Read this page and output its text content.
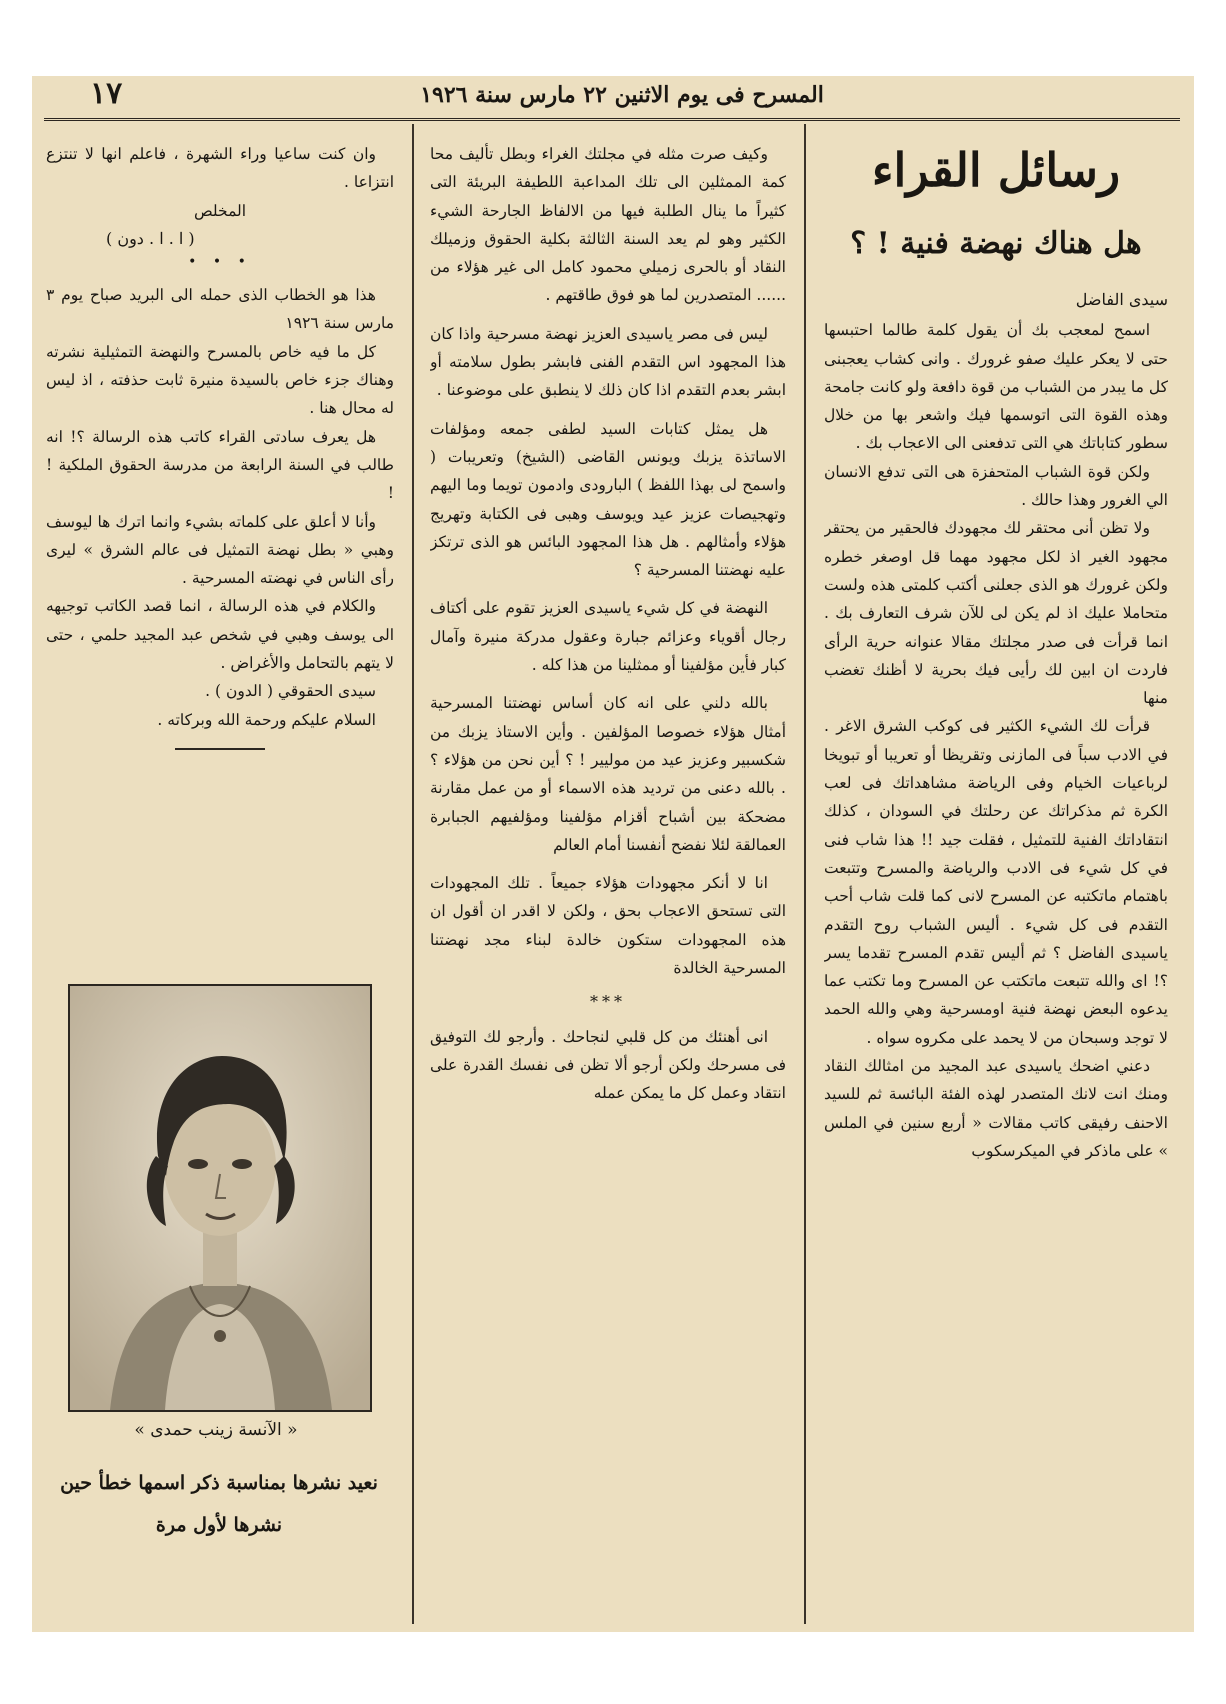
١٧	المسرح فى يوم الاثنين ٢٢ مارس سنة ١٩٢٦
رسائل القراء
هل هناك نهضة فنية ! ؟

سيدى الفاضل

اسمح لمعجب بك أن يقول كلمة طالما احتبسها حتى لا يعكر عليك صفو غرورك . وانى كشاب يعجبنى كل ما يبدر من الشباب من قوة دافعة ولو كانت جامحة وهذه القوة التى اتوسمها فيك واشعر بها من خلال سطور كتاباتك هي التى تدفعنى الى الاعجاب بك .

ولكن قوة الشباب المتحفزة هى التى تدفع الانسان الي الغرور وهذا حالك .

ولا تظن أنى محتقر لك مجهودك فالحقير من يحتقر مجهود الغير اذ لكل مجهود مهما قل اوصغر خطره ولكن غرورك هو الذى جعلنى أكتب كلمتى هذه ولست متحاملا عليك اذ لم يكن لى للآن شرف التعارف بك . انما قرأت فى صدر مجلتك مقالا عنوانه حرية الرأى فاردت ان ابين لك رأيى فيك بحرية لا أظنك تغضب منها

قرأت لك الشيء الكثير فى كوكب الشرق الاغر . في الادب سباً فى المازنى وتقريظا أو تعريبا أو تبويخا لرباعيات الخيام وفى الرياضة مشاهداتك فى لعب الكرة ثم مذكراتك عن رحلتك في السودان ، كذلك انتقاداتك الفنية للتمثيل ، فقلت جيد !! هذا شاب فنى في كل شيء فى الادب والرياضة والمسرح وتتبعت باهتمام ماتكتبه عن المسرح لانى كما قلت شاب أحب التقدم فى كل شيء . أليس الشباب روح التقدم ياسيدى الفاضل ؟ ثم أليس تقدم المسرح تقدما يسر ؟! اى والله تتبعت ماتكتب عن المسرح وما تكتب عما يدعوه البعض نهضة فنية اومسرحية وهي والله الحمد لا توجد وسبحان من لا يحمد على مكروه سواه .

دعني اضحك ياسيدى عبد المجيد من امثالك النقاد ومنك انت لانك المتصدر لهذه الفئة البائسة ثم للسيد الاحنف رفيقى كاتب مقالات « أربع سنين في الملس » على ماذكر في الميكرسكوب

وكيف صرت مثله في مجلتك الغراء وبطل تأليف محا كمة الممثلين الى تلك المداعبة اللطيفة البريئة التى كثيراً ما ينال الطلبة فيها من الالفاظ الجارحة الشيء الكثير وهو لم يعد السنة الثالثة بكلية الحقوق وزميلك النقاد أو بالحرى زميلي محمود كامل الى غير هؤلاء من ...... المتصدرين لما هو فوق طاقتهم .

ليس فى مصر ياسيدى العزيز نهضة مسرحية واذا كان هذا المجهود اس التقدم الفنى فابشر بطول سلامته أو ابشر بعدم التقدم اذا كان ذلك لا ينطبق على موضوعنا .

هل يمثل كتابات السيد لطفى جمعه ومؤلفات الاساتذة يزبك ويونس القاضى (الشيخ) وتعريبات ( واسمح لى بهذا اللفظ ) البارودى وادمون تويما وما اليهم وتهجيصات عزيز عيد ويوسف وهبى فى الكتابة وتهريج هؤلاء وأمثالهم . هل هذا المجهود البائس هو الذى ترتكز عليه نهضتنا المسرحية ؟

النهضة في كل شيء ياسيدى العزيز تقوم على أكتاف رجال أقوياء وعزائم جبارة وعقول مدركة منيرة وآمال كبار فأين مؤلفينا أو ممثلينا من هذا كله .

بالله دلني على انه كان أساس نهضتنا المسرحية أمثال هؤلاء خصوصا المؤلفين . وأين الاستاذ يزبك من شكسبير وعزيز عيد من موليير ! ؟ أين نحن من هؤلاء ؟ . بالله دعنى من ترديد هذه الاسماء أو من عمل مقارنة مضحكة بين أشباح أقزام مؤلفينا ومؤلفيهم الجبابرة العمالقة لئلا نفضح أنفسنا أمام العالم

انا لا أنكر مجهودات هؤلاء جميعاً . تلك المجهودات التى تستحق الاعجاب بحق ، ولكن لا اقدر ان أقول ان هذه المجهودات ستكون خالدة لبناء مجد نهضتنا المسرحية الخالدة

***

انى أهنئك من كل قلبي لنجاحك . وأرجو لك التوفيق فى مسرحك ولكن أرجو ألا تظن فى نفسك القدرة على انتقاد وعمل كل ما يمكن عمله

وان كنت ساعيا وراء الشهرة ، فاعلم انها لا تنتزع انتزاعا .

المخلص

( ا . ا . دون )

• • •

هذا هو الخطاب الذى حمله الى البريد صباح يوم ٣ مارس سنة ١٩٢٦

كل ما فيه خاص بالمسرح والنهضة التمثيلية نشرته وهناك جزء خاص بالسيدة منيرة ثابت حذفته ، اذ ليس له محال هنا .

هل يعرف سادتى القراء كاتب هذه الرسالة ؟! انه طالب في السنة الرابعة من مدرسة الحقوق الملكية ! !

وأنا لا أعلق على كلماته بشيء وانما اترك ها ليوسف وهبي « بطل نهضة التمثيل فى عالم الشرق » ليرى رأى الناس في نهضته المسرحية .

والكلام في هذه الرسالة ، انما قصد الكاتب توجيهه الى يوسف وهبي في شخص عبد المجيد حلمي ، حتى لا يتهم بالتحامل والأغراض .

سيدى الحقوقي ( الدون ) .

السلام عليكم ورحمة الله وبركاته .

« الآنسة زينب حمدى »
نعيد نشرها بمناسبة ذكر اسمها خطأ حين نشرها لأول مرة
